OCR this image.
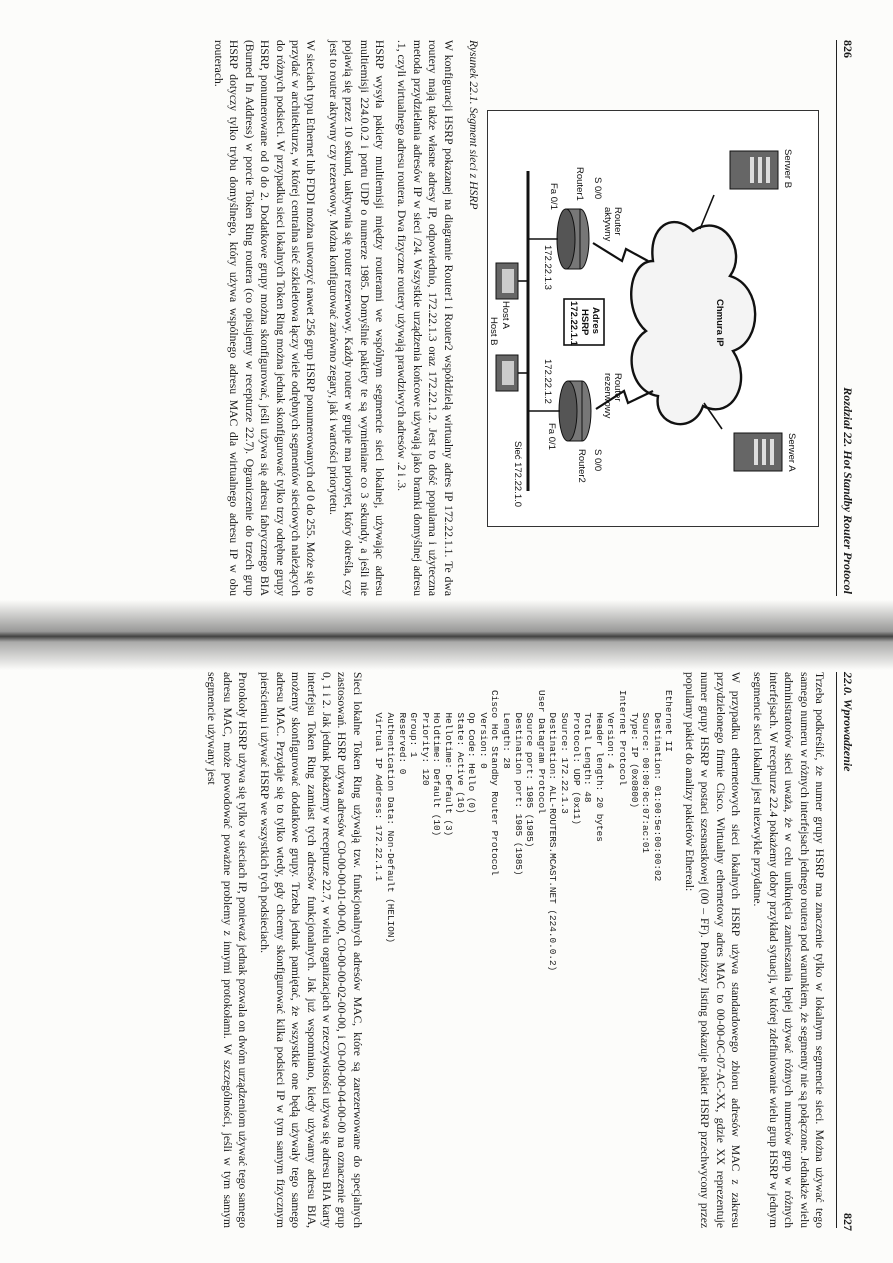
826
Rozdział 22. Hot Standby Router Protocol
Chmura IP
Serwer B
Serwer A
Router
aktywny
Router
rezerwowy
Router1
Router2
S 0/0
S 0/0
Fa 0/1
Fa 0/1
172.22.1.3
172.22.1.2
Adres
HSRP
172.22.1.1
Sieć 172.22.1.0
Host A
Host B
Rysunek 22.1. Segment sieci z HSRP

W konfiguracji HSRP pokazanej na diagramie Router1 i Router2 współdzielą wirtualny adres IP 172.22.1.1. Te dwa routery mają także własne adresy IP, odpowiednio, 172.22.1.3 oraz 172.22.1.2. Jest to dość popularna i użyteczna metoda przydzielania adresów IP w sieci /24. Wszystkie urządzenia końcowe używają jako bramki domyślnej adresu .1, czyli wirtualnego adresu routera. Dwa fizyczne routery używają prawdziwych adresów .2 i .3.

HSRP wysyła pakiety multiemisji między routerami we wspólnym segmencie sieci lokalnej, używając adresu multiemisji 224.0.0.2 i portu UDP o numerze 1985. Domyślnie pakiety te są wymieniane co 3 sekundy, a jeśli nie pojawią się przez 10 sekund, uaktywnia się router rezerwowy. Każdy router w grupie ma priorytet, który określa, czy jest to router aktywny czy rezerwowy. Można konfigurować zarówno zegary, jak i wartości priorytetu.

W sieciach typu Ethernet lub FDDI można utworzyć nawet 256 grup HSRP ponumerowanych od 0 do 255. Może się to przydać w architekturze, w której centralna sieć szkieletowa łączy wiele odrębnych segmentów sieciowych należących do różnych podsieci. W przypadku sieci lokalnych Token Ring można jednak skonfigurować tylko trzy odrębne grupy HSRP, ponumerowane od 0 do 2. Dodatkowe grupy można skonfigurować, jeśli używa się adresu fabrycznego BIA (Burned In Address) w porcie Token Ring routera (co opisujemy w recepturze 22.7). Ograniczenie do trzech grup HSRP dotyczy tylko trybu domyślnego, który używa wspólnego adresu MAC dla wirtualnego adresu IP w obu routerach.

22.0. Wprowadzenie
827

Trzeba podkreślić, że numer grupy HSRP ma znaczenie tylko w lokalnym segmencie sieci. Można używać tego samego numeru w różnych interfejsach jednego routera pod warunkiem, że segmenty nie są połączone. Jednakże wielu administratorów sieci uważa, że w celu uniknięcia zamieszania lepiej używać różnych numerów grup w różnych interfejsach. W recepturze 22.4 pokażemy dobry przykład sytuacji, w której zdefiniowanie wielu grup HSRP w jednym segmencie sieci lokalnej jest niezwykle przydatne.

W przypadku ethernetowych sieci lokalnych HSRP używa standardowego zbioru adresów MAC z zakresu przydzielonego firmie Cisco. Wirtualny ethernetowy adres MAC to 00-00-0C-07-AC-XX, gdzie XX reprezentuje numer grupy HSRP w postaci szesnastkowej (00 – FF). Poniższy listing pokazuje pakiet HSRP przechwycony przez popularny pakiet do analizy pakietów Ethereal:

Ethernet II
Destination: 01:00:5e:00:00:02
Source: 00:00:0c:07:ac:01
Type: IP (0x0800)
Internet Protocol
Version: 4
Header length: 20 bytes
Total Length: 48
Protocol: UDP (0x11)
Source: 172.22.1.3
Destination: ALL-ROUTERS.MCAST.NET (224.0.0.2)
User Datagram Protocol
Source port: 1985 (1985)
Destination port: 1985 (1985)
Length: 28
Cisco Hot Standby Router Protocol
Version: 0
Op Code: Hello (0)
State: Active (16)
Hellotime: Default (3)
Holdtime: Default (10)
Priority: 120
Group: 1
Reserved: 0
Authentication Data: Non-Default (HELION)
Virtual IP Address: 172.22.1.1

Sieci lokalne Token Ring używają tzw. funkcjonalnych adresów MAC, które są zarezerwowane do specjalnych zastosowań. HSRP używa adresów C0-00-00-01-00-00, C0-00-00-02-00-00, i C0-00-00-04-00-00 na oznaczenie grup 0, 1 i 2. Jak jednak pokażemy w recepturze 22.7, w wielu organizacjach w rzeczywistości używa się adresu BIA karty interfejsu Token Ring zamiast tych adresów funkcjonalnych. Jak już wspomniano, kiedy używamy adresu BIA, możemy skonfigurować dodatkowe grupy. Trzeba jednak pamiętać, że wszystkie one będą używały tego samego adresu MAC. Przydaje się to tylko wtedy, gdy chcemy skonfigurować kilka podsieci IP w tym samym fizycznym pierścieniu i używać HSRP we wszystkich tych podsieciach.

Protokoły HSRP używa się tylko w sieciach IP, ponieważ jednak pozwala on dwóm urządzeniom używać tego samego adresu MAC, może powodować poważne problemy z innymi protokołami. W szczególności, jeśli w tym samym segmencie używany jest
